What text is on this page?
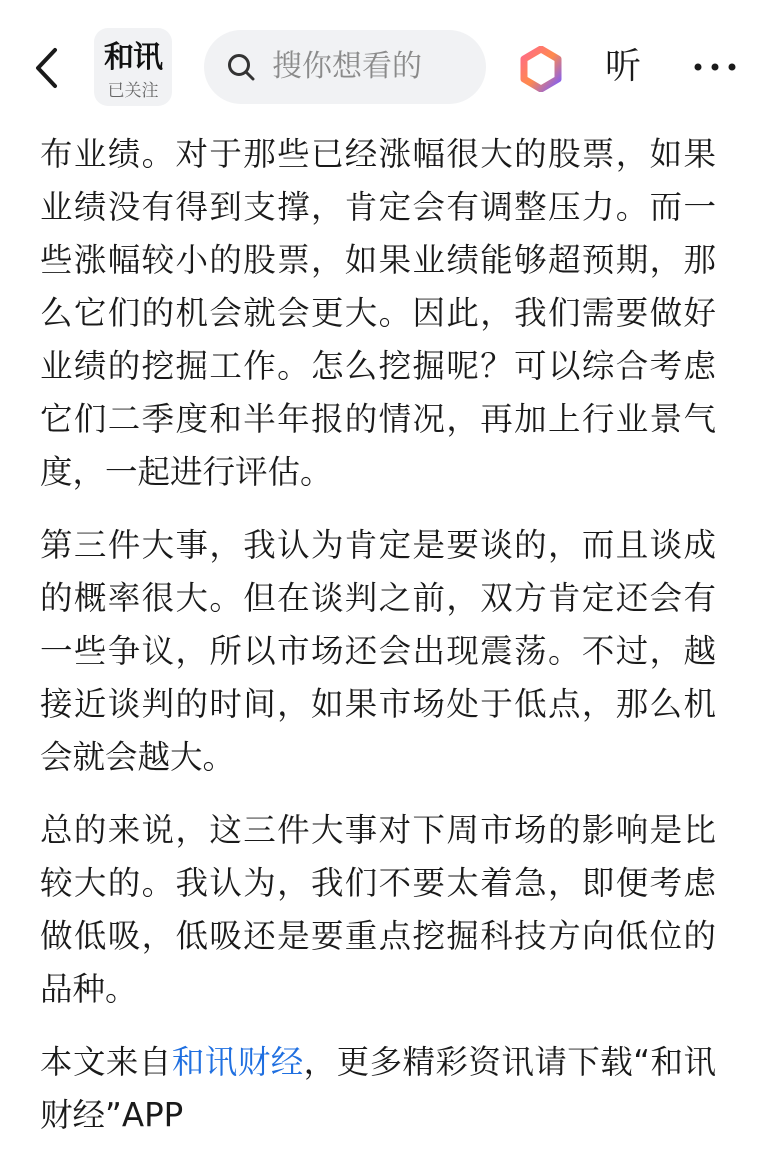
和讯
已关注
搜你想看的	听

布业绩。对于那些已经涨幅很大的股票，如果业绩没有得到支撑，肯定会有调整压力。而一些涨幅较小的股票，如果业绩能够超预期，那么它们的机会就会更大。因此，我们需要做好业绩的挖掘工作。怎么挖掘呢？可以综合考虑它们二季度和半年报的情况，再加上行业景气度，一起进行评估。

第三件大事，我认为肯定是要谈的，而且谈成的概率很大。但在谈判之前，双方肯定还会有一些争议，所以市场还会出现震荡。不过，越接近谈判的时间，如果市场处于低点，那么机会就会越大。

总的来说，这三件大事对下周市场的影响是比较大的。我认为，我们不要太着急，即便考虑做低吸，低吸还是要重点挖掘科技方向低位的品种。

本文来自和讯财经，更多精彩资讯请下载“和讯财经”APP
